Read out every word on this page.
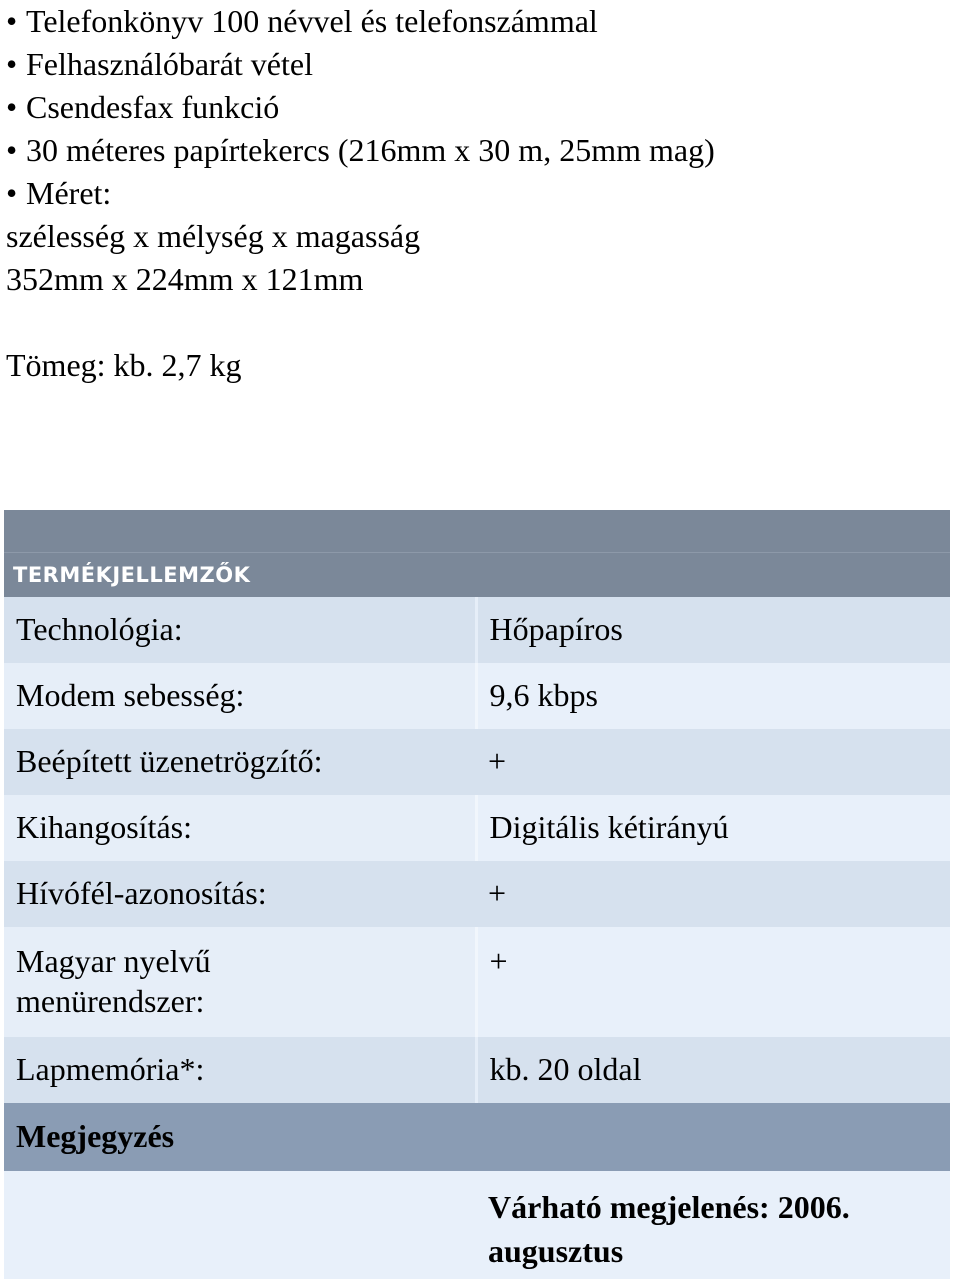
• Telefonkönyv 100 névvel és telefonszámmal
• Felhasználóbarát vétel
• Csendesfax funkció
• 30 méteres papírtekercs (216mm x 30 m, 25mm mag)
• Méret:
szélesség x mélység x magasság
352mm x 224mm x 121mm
Tömeg: kb. 2,7 kg
TERMÉKJELLEMZŐK
Technológia:	Hőpapíros
Modem sebesség:	9,6 kbps
Beépített üzenetrögzítő: +	

Kihangosítás:	Digitális kétirányú
Hívófél-azonosítás: +	

Magyar nyelvű
menürendszer:	+
Lapmemória*:	kb. 20 oldal
Megjegyzés	

	Várható megjelenés: 2006.
augusztus
